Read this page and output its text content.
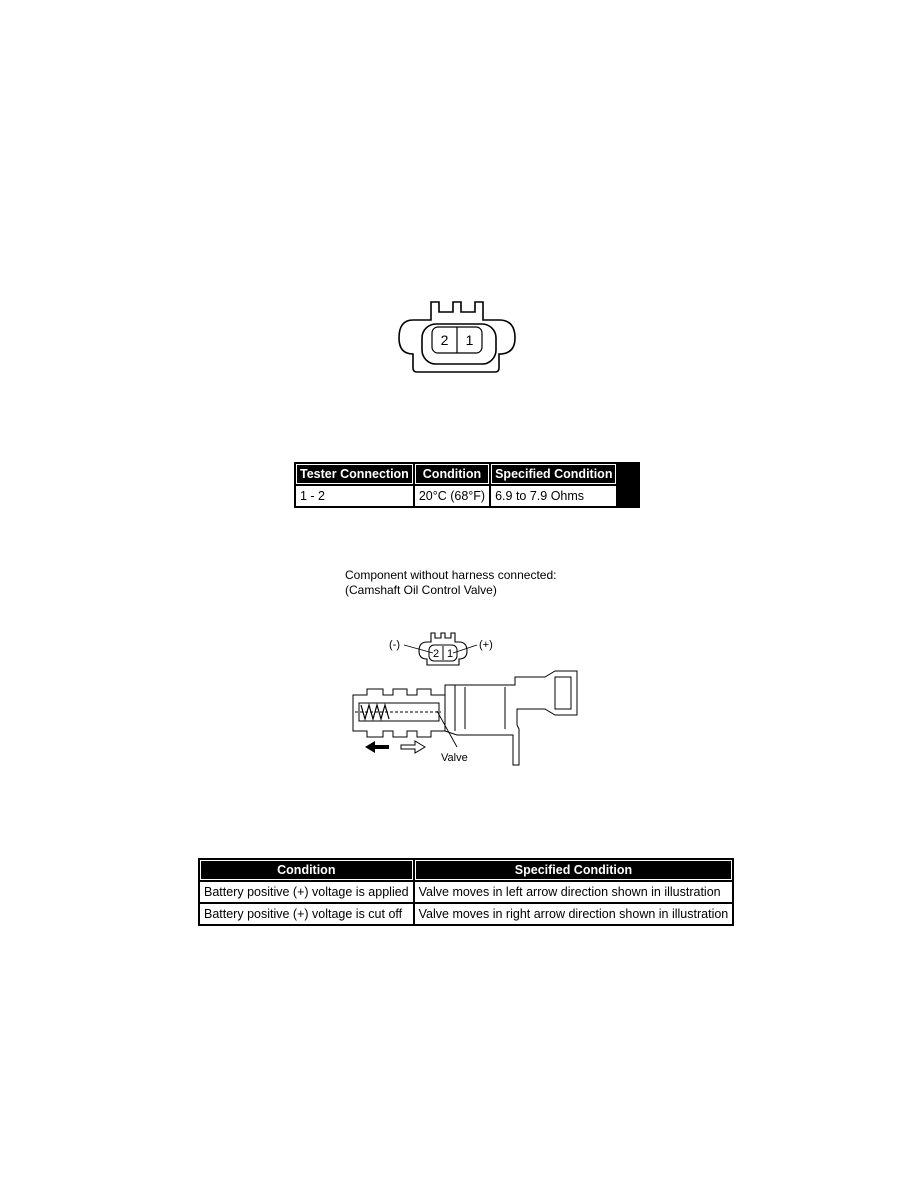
2 1
Tester Connection	Condition	Specified Condition	
1 - 2	20°C (68°F)	6.9 to 7.9 Ohms	
Component without harness connected:
(Camshaft Oil Control Valve)
2 1
(-)	(+)
Valve
Condition	Specified Condition
Battery positive (+) voltage is applied	Valve moves in left arrow direction shown in illustration
Battery positive (+) voltage is cut off	Valve moves in right arrow direction shown in illustration
